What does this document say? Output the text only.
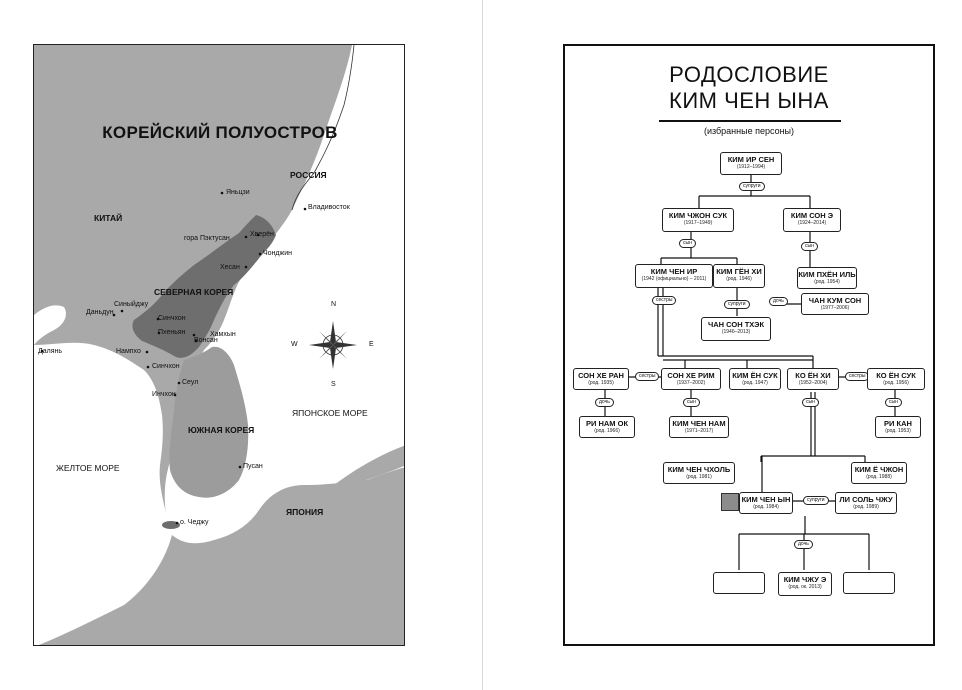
КОРЕЙСКИЙ ПОЛУОСТРОВ
РОССИЯ
КИТАЙ
СЕВЕРНАЯ КОРЕЯ
ЮЖНАЯ КОРЕЯ
ЯПОНИЯ
ЯПОНСКОЕ МОРЕ
ЖЕЛТОЕ МОРЕ
Яньцзи
Владивосток
гора Пэктусан
Хверён
Чонджин
Хесан
Синыйджу
Даньдун
Синчхон
Пхеньян	Хамхын
Вонсан
Нампхо
Синчхон
Далянь
Сеул
Инчхон
Пусан
о. Чеджу
N
S
E
W
РОДОСЛОВИЕ
КИМ ЧЕН ЫНА
(избранные персоны)
КИМ ИР СЕН
(1912–1994)
супруги
КИМ ЧЖОН СУК
(1917–1949)
КИМ СОН Э
(1924–2014)
сын	сын
КИМ ЧЕН ИР
(1942 (официально) – 2011)
КИМ ГЁН ХИ
(род. 1946)	КИМ ПХЁН ИЛЬ
(род. 1954)
сестры
супруги	дочь	ЧАН КУМ СОН
(1977–2006)
ЧАН СОН ТХЭК
(1946–2013)
СОН ХЕ РАН
(род. 1935)
сестры	СОН ХЕ РИМ
(1937–2002)
КИМ ЁН СУК
(род. 1947)
КО ЁН ХИ
(1952–2004)
сестры	КО ЁН СУК
(род. 1956)
дочь	сын	сын	сын
РИ НАМ ОК
(род. 1966)
КИМ ЧЕН НАМ
(1971–2017)
РИ КАН
(род. 1953)
КИМ ЧЕН ЧХОЛЬ
(род. 1981)
КИМ Ё ЧЖОН
(род. 1988)
КИМ ЧЕН ЫН
(род. 1984)
супруги	ЛИ СОЛЬ ЧЖУ
(род. 1989)
дочь
КИМ ЧЖУ Э
(род. ок. 2013)
